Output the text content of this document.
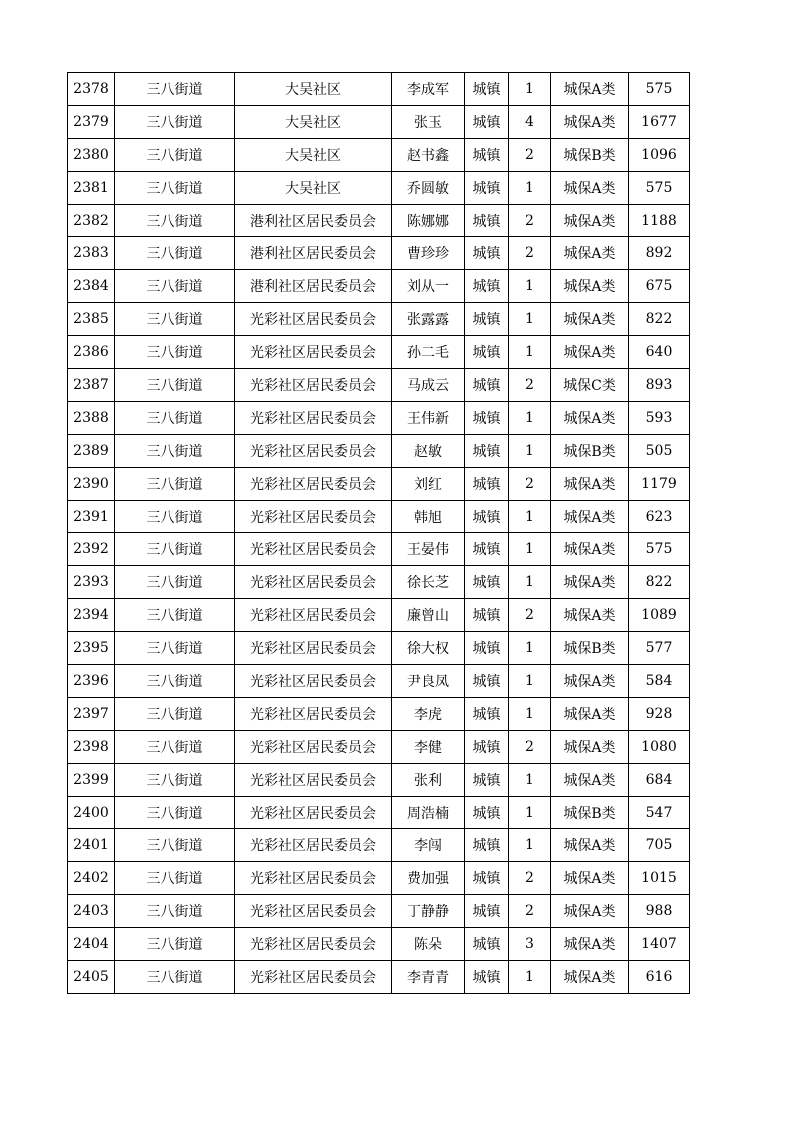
2378	三八街道	大吴社区	李成军	城镇	1	城保A类	575
2379	三八街道	大吴社区	张玉	城镇	4	城保A类	1677
2380	三八街道	大吴社区	赵书鑫	城镇	2	城保B类	1096
2381	三八街道	大吴社区	乔圆敏	城镇	1	城保A类	575
2382	三八街道	港利社区居民委员会	陈娜娜	城镇	2	城保A类	1188
2383	三八街道	港利社区居民委员会	曹珍珍	城镇	2	城保A类	892
2384	三八街道	港利社区居民委员会	刘从一	城镇	1	城保A类	675
2385	三八街道	光彩社区居民委员会	张露露	城镇	1	城保A类	822
2386	三八街道	光彩社区居民委员会	孙二毛	城镇	1	城保A类	640
2387	三八街道	光彩社区居民委员会	马成云	城镇	2	城保C类	893
2388	三八街道	光彩社区居民委员会	王伟新	城镇	1	城保A类	593
2389	三八街道	光彩社区居民委员会	赵敏	城镇	1	城保B类	505
2390	三八街道	光彩社区居民委员会	刘红	城镇	2	城保A类	1179
2391	三八街道	光彩社区居民委员会	韩旭	城镇	1	城保A类	623
2392	三八街道	光彩社区居民委员会	王晏伟	城镇	1	城保A类	575
2393	三八街道	光彩社区居民委员会	徐长芝	城镇	1	城保A类	822
2394	三八街道	光彩社区居民委员会	廉曾山	城镇	2	城保A类	1089
2395	三八街道	光彩社区居民委员会	徐大权	城镇	1	城保B类	577
2396	三八街道	光彩社区居民委员会	尹良凤	城镇	1	城保A类	584
2397	三八街道	光彩社区居民委员会	李虎	城镇	1	城保A类	928
2398	三八街道	光彩社区居民委员会	李健	城镇	2	城保A类	1080
2399	三八街道	光彩社区居民委员会	张利	城镇	1	城保A类	684
2400	三八街道	光彩社区居民委员会	周浩楠	城镇	1	城保B类	547
2401	三八街道	光彩社区居民委员会	李闯	城镇	1	城保A类	705
2402	三八街道	光彩社区居民委员会	费加强	城镇	2	城保A类	1015
2403	三八街道	光彩社区居民委员会	丁静静	城镇	2	城保A类	988
2404	三八街道	光彩社区居民委员会	陈朵	城镇	3	城保A类	1407
2405	三八街道	光彩社区居民委员会	李青青	城镇	1	城保A类	616
